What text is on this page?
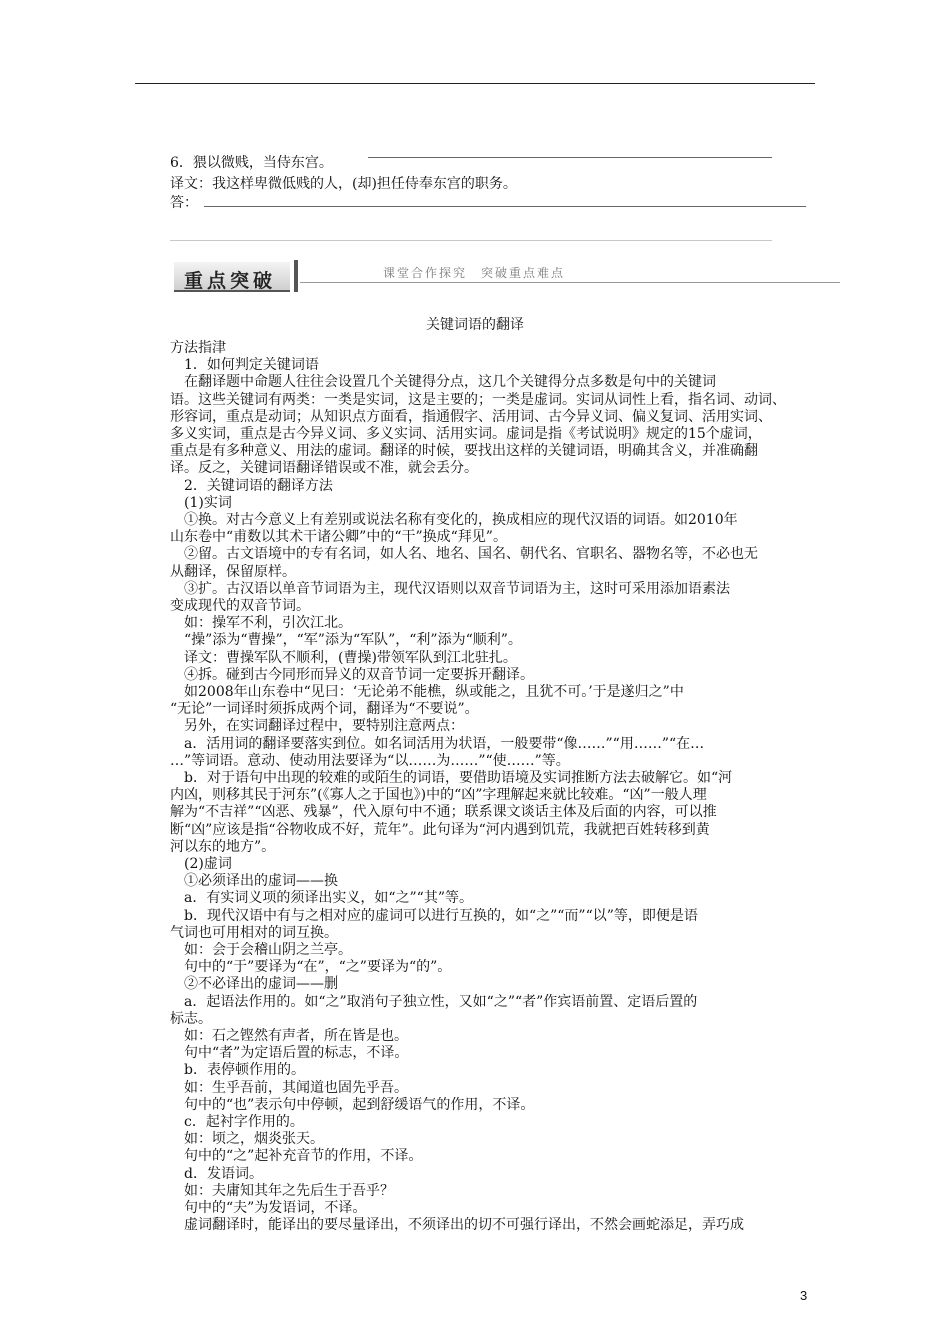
6．猥以微贱，当侍东宫。
译文：我这样卑微低贱的人，(却)担任侍奉东宫的职务。
答：
重点突破	课堂合作探究　突破重点难点
关键词语的翻译
方法指津
　1．如何判定关键词语
　在翻译题中命题人往往会设置几个关键得分点，这几个关键得分点多数是句中的关键词
语。这些关键词有两类：一类是实词，这是主要的；一类是虚词。实词从词性上看，指名词、动词、
形容词，重点是动词；从知识点方面看，指通假字、活用词、古今异义词、偏义复词、活用实词、
多义实词，重点是古今异义词、多义实词、活用实词。虚词是指《考试说明》规定的15个虚词，
重点是有多种意义、用法的虚词。翻译的时候，要找出这样的关键词语，明确其含义，并准确翻
译。反之，关键词语翻译错误或不准，就会丢分。
　2．关键词语的翻译方法
　(1)实词
　①换。对古今意义上有差别或说法名称有变化的，换成相应的现代汉语的词语。如2010年
山东卷中“甫数以其术干诸公卿”中的“干”换成“拜见”。
　②留。古文语境中的专有名词，如人名、地名、国名、朝代名、官职名、器物名等，不必也无
从翻译，保留原样。
　③扩。古汉语以单音节词语为主，现代汉语则以双音节词语为主，这时可采用添加语素法
变成现代的双音节词。
　如：操军不利，引次江北。
　“操”添为“曹操”，“军”添为“军队”，“利”添为“顺利”。
　译文：曹操军队不顺利，(曹操)带领军队到江北驻扎。
　④拆。碰到古今同形而异义的双音节词一定要拆开翻译。
　如2008年山东卷中“见曰：‘无论弟不能樵，纵或能之，且犹不可。’于是遂归之”中
“无论”一词译时须拆成两个词，翻译为“不要说”。
　另外，在实词翻译过程中，要特别注意两点：
　a．活用词的翻译要落实到位。如名词活用为状语，一般要带“像……”“用……”“在…
…”等词语。意动、使动用法要译为“以……为……”“使……”等。
　b．对于语句中出现的较难的或陌生的词语，要借助语境及实词推断方法去破解它。如“河
内凶，则移其民于河东”(《寡人之于国也》)中的“凶”字理解起来就比较难。“凶”一般人理
解为“不吉祥”“凶恶、残暴”，代入原句中不通；联系课文谈话主体及后面的内容，可以推
断“凶”应该是指“谷物收成不好，荒年”。此句译为“河内遇到饥荒，我就把百姓转移到黄
河以东的地方”。
　(2)虚词
　①必须译出的虚词——换
　a．有实词义项的须译出实义，如“之”“其”等。
　b．现代汉语中有与之相对应的虚词可以进行互换的，如“之”“而”“以”等，即便是语
气词也可用相对的词互换。
　如：会于会稽山阴之兰亭。
　句中的“于”要译为“在”，“之”要译为“的”。
　②不必译出的虚词——删
　a．起语法作用的。如“之”取消句子独立性，又如“之”“者”作宾语前置、定语后置的
标志。
　如：石之铿然有声者，所在皆是也。
　句中“者”为定语后置的标志，不译。
　b．表停顿作用的。
　如：生乎吾前，其闻道也固先乎吾。
　句中的“也”表示句中停顿，起到舒缓语气的作用，不译。
　c．起衬字作用的。
　如：顷之，烟炎张天。
　句中的“之”起补充音节的作用，不译。
　d．发语词。
　如：夫庸知其年之先后生于吾乎？
　句中的“夫”为发语词，不译。
　虚词翻译时，能译出的要尽量译出，不须译出的切不可强行译出，不然会画蛇添足，弄巧成
3
